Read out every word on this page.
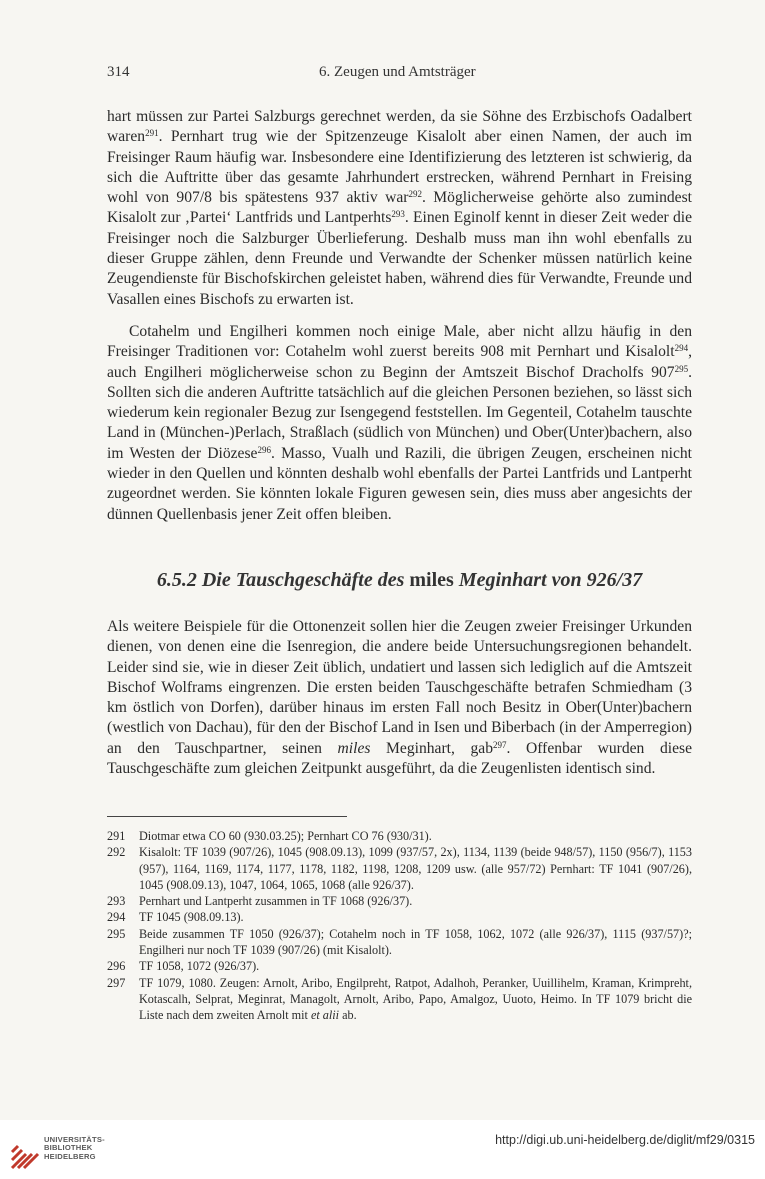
314	6. Zeugen und Amtsträger

hart müssen zur Partei Salzburgs gerechnet werden, da sie Söhne des Erzbischofs Oadalbert waren$^{291}$. Pernhart trug wie der Spitzenzeuge Kisalolt aber einen Namen, der auch im Freisinger Raum häufig war. Insbesondere eine Identifizierung des letzteren ist schwierig, da sich die Auftritte über das gesamte Jahrhundert erstrecken, während Pernhart in Freising wohl von 907/8 bis spätestens 937 aktiv war$^{292}$. Möglicherweise gehörte also zumindest Kisalolt zur ‚Partei‘ Lantfrids und Lantperhts$^{293}$. Einen Eginolf kennt in dieser Zeit weder die Freisinger noch die Salzburger Überlieferung. Deshalb muss man ihn wohl ebenfalls zu dieser Gruppe zählen, denn Freunde und Verwandte der Schenker müssen natürlich keine Zeugendienste für Bischofskirchen geleistet haben, während dies für Verwandte, Freunde und Vasallen eines Bischofs zu erwarten ist.

Cotahelm und Engilheri kommen noch einige Male, aber nicht allzu häufig in den Freisinger Traditionen vor: Cotahelm wohl zuerst bereits 908 mit Pernhart und Kisalolt$^{294}$, auch Engilheri möglicherweise schon zu Beginn der Amtszeit Bischof Dracholfs $907^{295}$. Sollten sich die anderen Auftritte tatsächlich auf die gleichen Personen beziehen, so lässt sich wiederum kein regionaler Bezug zur Isengegend feststellen. Im Gegenteil, Cotahelm tauschte Land in (München-)Perlach, Straßlach (südlich von München) und Ober(Unter)bachern, also im Westen der Diözese$^{296}$. Masso, Vualh und Razili, die übrigen Zeugen, erscheinen nicht wieder in den Quellen und könnten deshalb wohl ebenfalls der Partei Lantfrids und Lantperht zugeordnet werden. Sie könnten lokale Figuren gewesen sein, dies muss aber angesichts der dünnen Quellenbasis jener Zeit offen bleiben.

6.5.2 Die Tauschgeschäfte des miles Meginhart von 926/37

Als weitere Beispiele für die Ottonenzeit sollen hier die Zeugen zweier Freisinger Urkunden dienen, von denen eine die Isenregion, die andere beide Untersuchungsregionen behandelt. Leider sind sie, wie in dieser Zeit üblich, undatiert und lassen sich lediglich auf die Amtszeit Bischof Wolframs eingrenzen. Die ersten beiden Tauschgeschäfte betrafen Schmiedham (3 km östlich von Dorfen), darüber hinaus im ersten Fall noch Besitz in Ober(Unter)bachern (westlich von Dachau), für den der Bischof Land in Isen und Biberbach (in der Amperregion) an den Tauschpartner, seinen miles Meginhart, gab$^{297}$. Offenbar wurden diese Tauschgeschäfte zum gleichen Zeitpunkt ausgeführt, da die Zeugenlisten identisch sind.

291	Diotmar etwa CO 60 (930.03.25); Pernhart CO 76 (930/31).
292	Kisalolt: TF 1039 (907/26), 1045 (908.09.13), 1099 (937/57, 2x), 1134, 1139 (beide 948/57), 1150 (956/7), 1153 (957), 1164, 1169, 1174, 1177, 1178, 1182, 1198, 1208, 1209 usw. (alle 957/72) Pernhart: TF 1041 (907/26), 1045 (908.09.13), 1047, 1064, 1065, 1068 (alle 926/37).
293	Pernhart und Lantperht zusammen in TF 1068 (926/37).
294	TF 1045 (908.09.13).
295	Beide zusammen TF 1050 (926/37); Cotahelm noch in TF 1058, 1062, 1072 (alle 926/37), 1115 (937/57)?; Engilheri nur noch TF 1039 (907/26) (mit Kisalolt).
296	TF 1058, 1072 (926/37).
297	TF 1079, 1080. Zeugen: Arnolt, Aribo, Engilpreht, Ratpot, Adalhoh, Peranker, Uuillihelm, Kraman, Krimpreht, Kotascalh, Selprat, Meginrat, Managolt, Arnolt, Aribo, Papo, Amalgoz, Uuoto, Heimo. In TF 1079 bricht die Liste nach dem zweiten Arnolt mit et alii ab.
UNIVERSITÄTS-
BIBLIOTHEK
HEIDELBERG
http://digi.ub.uni-heidelberg.de/diglit/mf29/0315
